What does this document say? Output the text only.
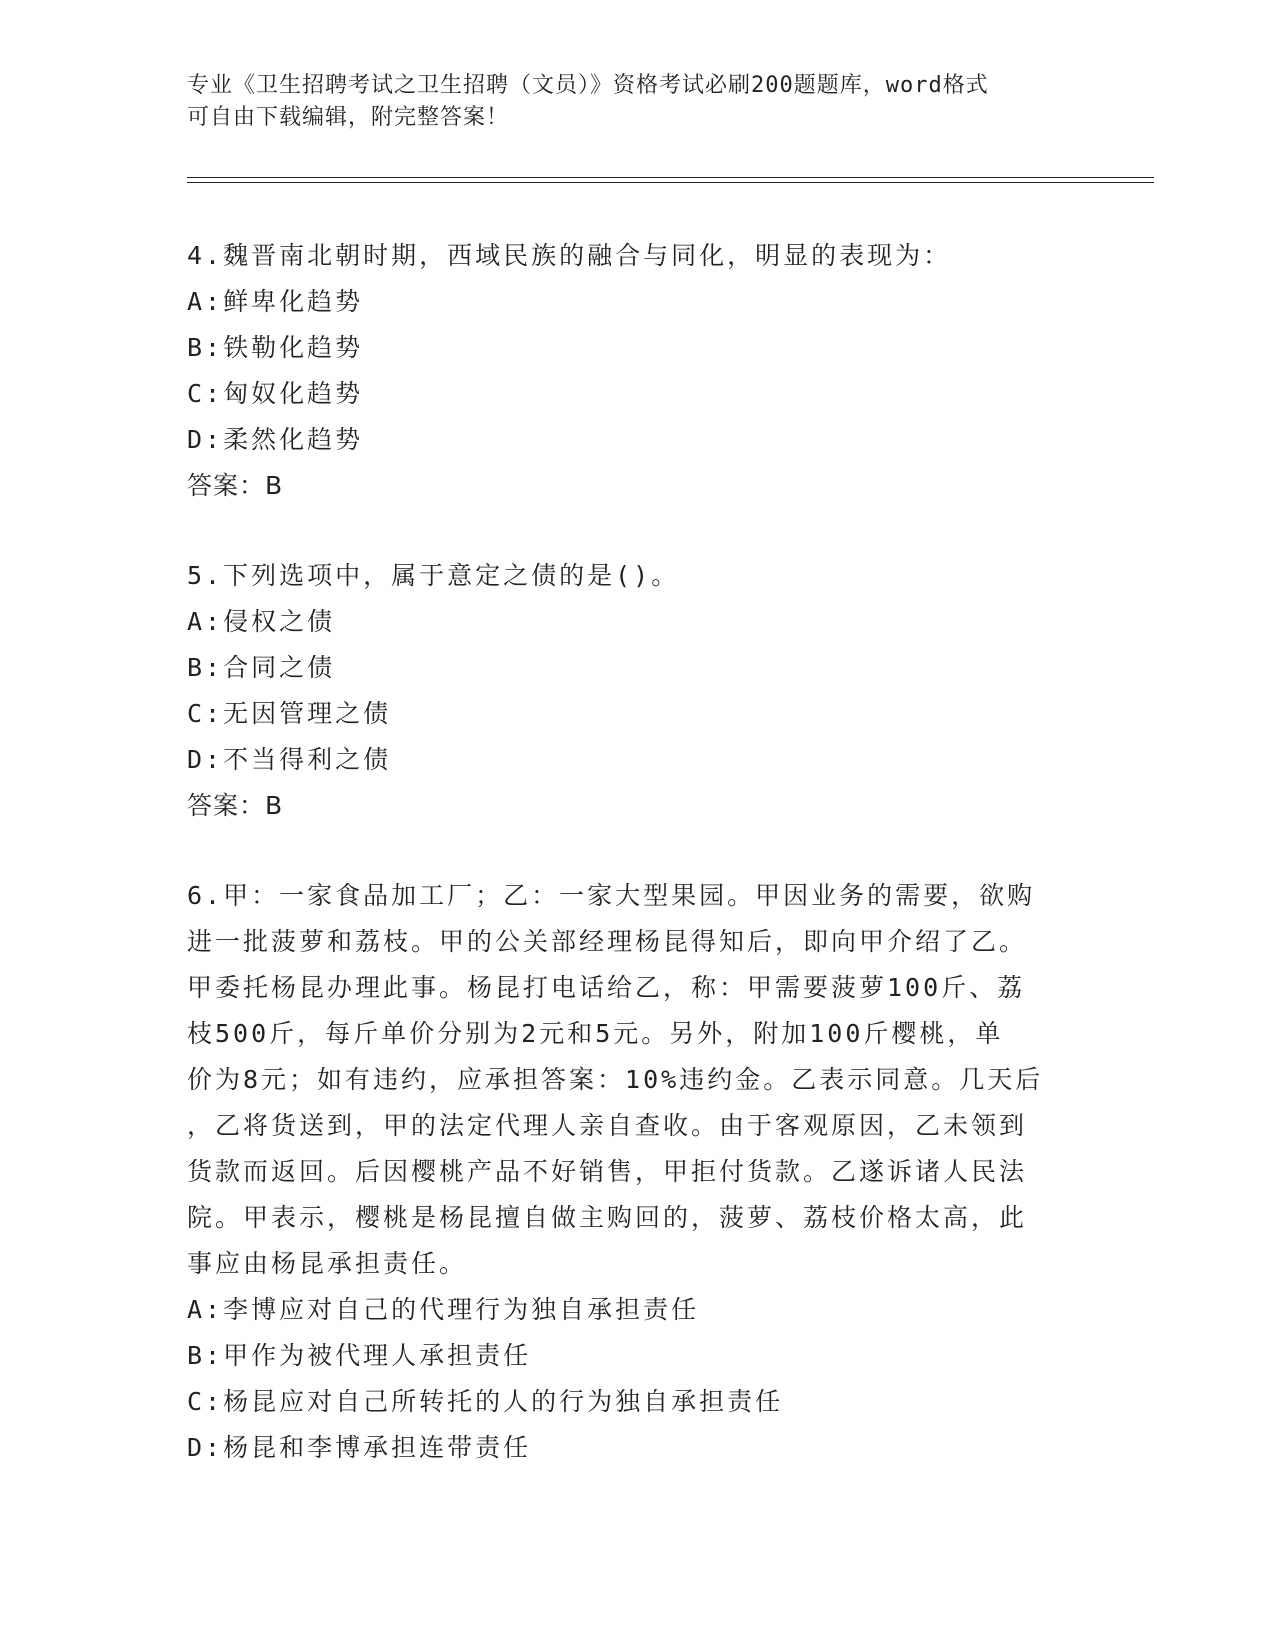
专业《卫生招聘考试之卫生招聘（文员）》资格考试必刷200题题库，word格式
可自由下载编辑，附完整答案！
4.魏晋南北朝时期，西域民族的融合与同化，明显的表现为：
A:鲜卑化趋势
B:铁勒化趋势
C:匈奴化趋势
D:柔然化趋势
答案：B
5.下列选项中，属于意定之债的是()。
A:侵权之债
B:合同之债
C:无因管理之债
D:不当得利之债
答案：B
6.甲：一家食品加工厂；乙：一家大型果园。甲因业务的需要，欲购
进一批菠萝和荔枝。甲的公关部经理杨昆得知后，即向甲介绍了乙。
甲委托杨昆办理此事。杨昆打电话给乙，称：甲需要菠萝100斤、荔
枝500斤，每斤单价分别为2元和5元。另外，附加100斤樱桃，单
价为8元；如有违约，应承担答案：10%违约金。乙表示同意。几天后
，乙将货送到，甲的法定代理人亲自查收。由于客观原因，乙未领到
货款而返回。后因樱桃产品不好销售，甲拒付货款。乙遂诉诸人民法
院。甲表示，樱桃是杨昆擅自做主购回的，菠萝、荔枝价格太高，此
事应由杨昆承担责任。
A:李博应对自己的代理行为独自承担责任
B:甲作为被代理人承担责任
C:杨昆应对自己所转托的人的行为独自承担责任
D:杨昆和李博承担连带责任
